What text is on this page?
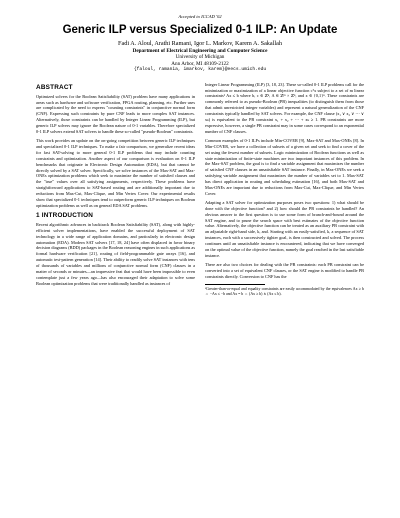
Accepted to ICCAD '02
Generic ILP versus Specialized 0-1 ILP: An Update
Fadi A. Aloul, Arathi Ramani, Igor L. Markov, Karem A. Sakallah
Department of Electrical Engineering and Computer Science
University of Michigan
Ann Arbor, MI 48109-2122
{faloul, ramania, imarkov, karem}@eecs.umich.edu
ABSTRACT

Optimized solvers for the Boolean Satisfiability (SAT) problem have many applications in areas such as hardware and software verification, FPGA routing, planning, etc. Further uses are complicated by the need to express "counting constraints" in conjunctive normal form (CNF). Expressing such constraints by pure CNF leads to more complex SAT instances. Alternatively, those constraints can be handled by Integer Linear Programming (ILP), but generic ILP solvers may ignore the Boolean nature of 0-1 variables. Therefore specialized 0-1 ILP solvers extend SAT solvers to handle these so-called "pseudo-Boolean" constraints.

This work provides an update on the on-going competition between generic ILP techniques and specialized 0-1 ILP techniques. To make a fair comparison, we generalize recent ideas for fast SAT-solving to more general 0-1 ILP problems that may include counting constraints and optimization. Another aspect of our comparison is evaluation on 0-1 ILP benchmarks that originate in Electronic Design Automation (EDA), but that cannot be directly solved by a SAT solver. Specifically, we solve instances of the Max-SAT and Max-ONEs optimization problems which seek to maximize the number of satisfied clauses and the "true" values over all satisfying assignments, respectively. These problems have straightforward applications to SAT-based routing and are additionally important due to reductions from Max-Cut, Max-Clique, and Min Vertex Cover. Our experimental results show that specialized 0-1 techniques tend to outperform generic ILP techniques on Boolean optimization problems as well as on general EDA SAT problems.

1 INTRODUCTION

Recent algorithmic advances in backtrack Boolean Satisfiability (SAT), along with highly-efficient solver implementations, have enabled the successful deployment of SAT technology in a wide range of application domains, and particularly in electronic design automation (EDA). Modern SAT solvers [17, 18, 24] have often displaced in favor binary decision diagrams (BDD) packages in the Boolean reasoning engines in such applications as formal hardware verification [21], routing of field-programmable gate arrays [16], and automatic test-pattern generation [14]. Their ability to readily solve SAT instances with tens of thousands of variables and millions of conjunctive normal form (CNF) clauses in a matter of seconds or minutes—an impressive feat that would have been impossible to even contemplate just a few years ago—has also encouraged their adaptation to solve some Boolean optimization problems that were traditionally handled as instances of

Integer Linear Programming (ILP) [3, 18, 23]. These so-called 0-1 ILP problems call for the minimization or maximization of a linear objective function cᵀx subject to a set of m linear constraints¹ Ax ≤ b where b, c ∈ ℤⁿ, A ∈ ℤᵐ × ℤⁿ, and x ∈ {0,1}ⁿ. These constraints are commonly referred to as pseudo-Boolean (PB) inequalities (to distinguish them from those that admit unrestricted integer variables) and represent a natural generalization of the CNF constraints typically handled by SAT solvers. For example, the CNF clause (x₁ ∨ x₂ ∨ ⋯ ∨ xₖ) is equivalent to the PB constraint x₁ + x₂ + ⋯ + xₖ ≥ 1. PB constraints are more expressive, however, a single PB constraint may in some cases correspond to an exponential number of CNF clauses.

Common examples of 0-1 ILPs include Min-COVER [9], Max-SAT and Max-ONEs [8]. In Min-COVER, we have a collection of subsets of a given set and seek to find a cover of the set using the fewest number of subsets. Logic minimization of Boolean functions as well as state minimization of finite-state machines are two important instances of this problem. In the Max-SAT problem, the goal is to find a variable assignment that maximizes the number of satisfied CNF clauses in an unsatisfiable SAT instance. Finally, in Max-ONEs we seek a satisfying variable assignment that maximizes the number of variables set to 1. Max-SAT has direct application in routing and scheduling estimation [16], and both Max-SAT and Max-ONEs are important due to reductions from Max-Cut, Max-Clique, and Min Vertex Cover.

Adapting a SAT solver for optimization purposes poses two questions: 1) what should be done with the objective function? and 2) how should the PB constraints be handled? An obvious answer to the first question is to use some form of branch-and-bound around the SAT engine, and to prune the search space with best estimates of the objective function value. Alternatively, the objective function can be treated as an auxiliary PB constraint with an adjustable right-hand side, k, and. Starting with an easily-satisfied, k, a sequence of SAT instances, each with a successively tighter goal, is then constructed and solved. The process continues until an unsatisfiable instance is encountered, indicating that we have converged on the optimal value of the objective function, namely the goal reached in the last satisfiable instance.

There are also two choices for dealing with the PB constraints: each PB constraint can be converted into a set of equivalent CNF clauses, or the SAT engine is modified to handle PB constraints directly. Conversion to CNF has the

¹Greater-than-or-equal and equality constraints are easily accommodated by the equivalences Ax ≥ b ⇔ −Ax ≤ −b and Ax = b ⇔ (Ax ≥ b) ∧ (Ax ≤ b).
